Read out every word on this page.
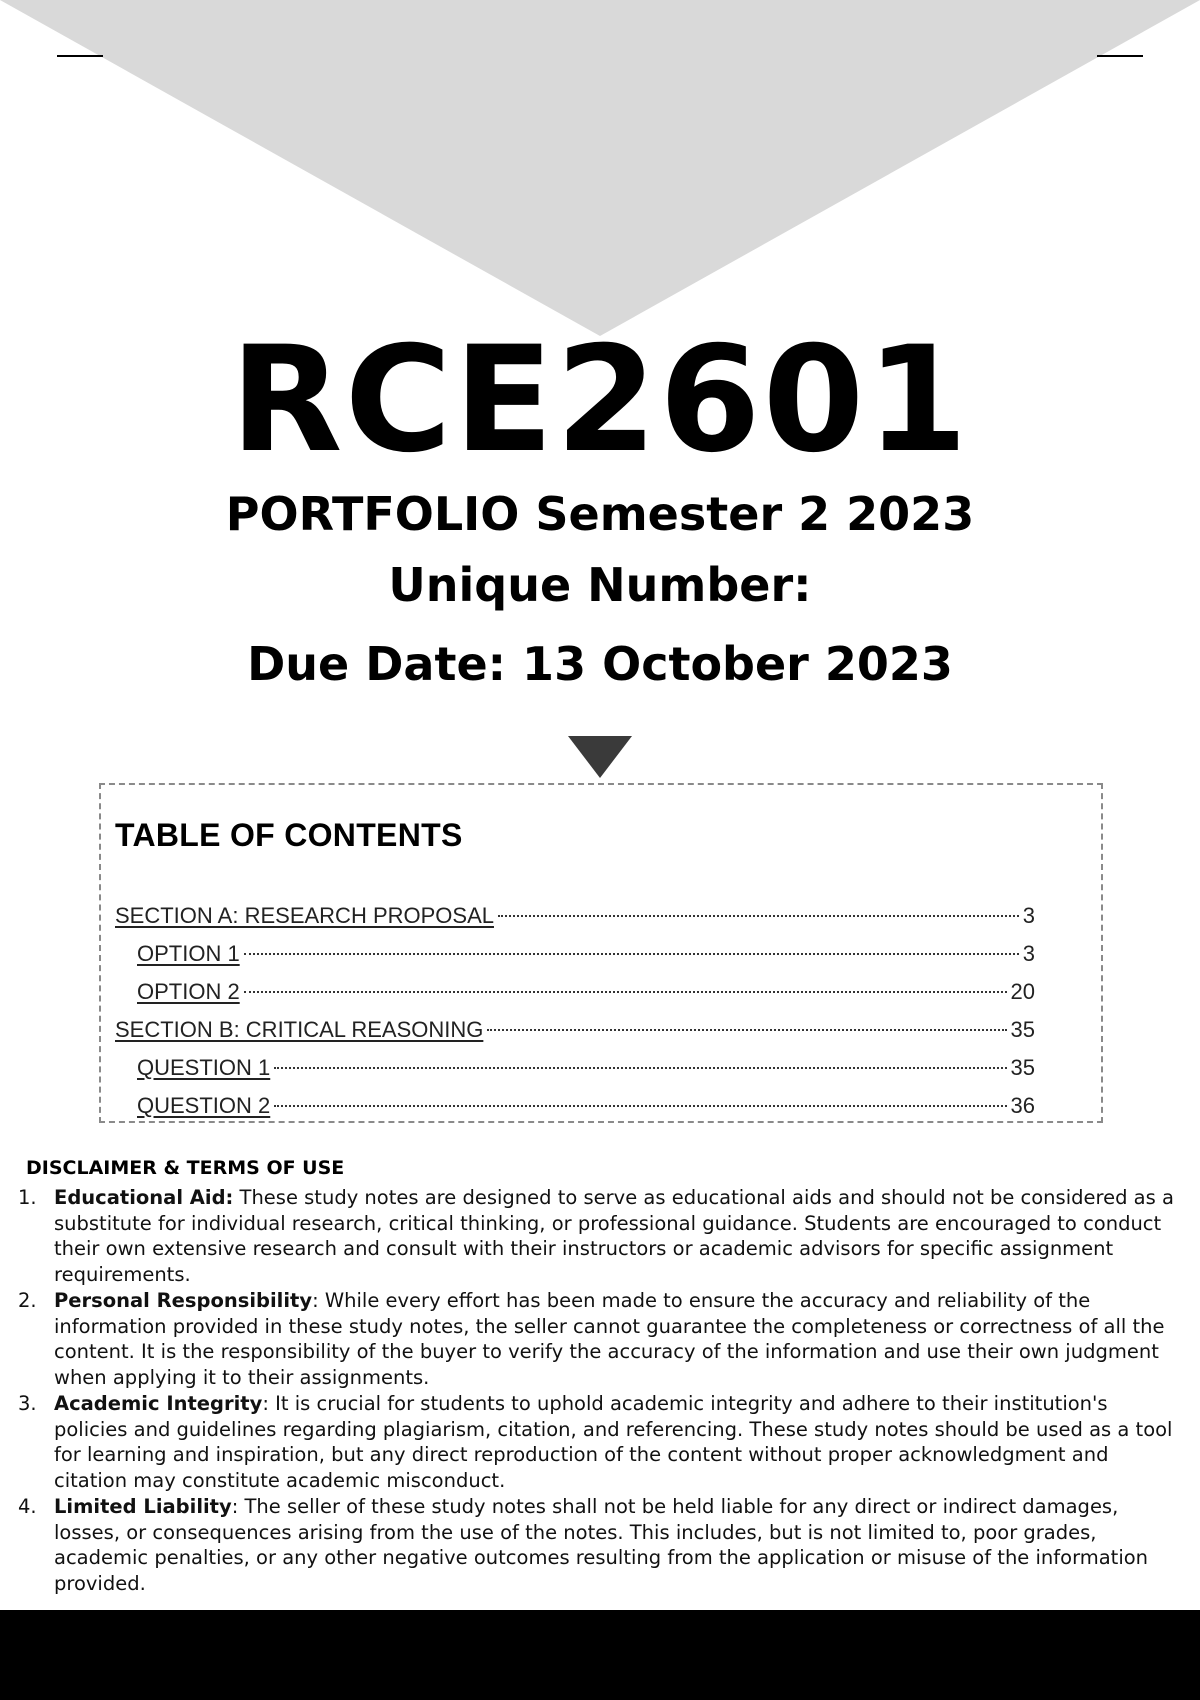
RCE2601
PORTFOLIO Semester 2 2023
Unique Number:
Due Date: 13 October 2023
TABLE OF CONTENTS
SECTION A: RESEARCH PROPOSAL	3
OPTION 1	3
OPTION 2	20
SECTION B: CRITICAL REASONING	35
QUESTION 1	35
QUESTION 2	36
DISCLAIMER & TERMS OF USE
1. Educational Aid: These study notes are designed to serve as educational aids and should not be considered as a substitute for individual research, critical thinking, or professional guidance. Students are encouraged to conduct their own extensive research and consult with their instructors or academic advisors for specific assignment requirements.
2. Personal Responsibility: While every effort has been made to ensure the accuracy and reliability of the information provided in these study notes, the seller cannot guarantee the completeness or correctness of all the content. It is the responsibility of the buyer to verify the accuracy of the information and use their own judgment when applying it to their assignments.
3. Academic Integrity: It is crucial for students to uphold academic integrity and adhere to their institution's policies and guidelines regarding plagiarism, citation, and referencing. These study notes should be used as a tool for learning and inspiration, but any direct reproduction of the content without proper acknowledgment and citation may constitute academic misconduct.
4. Limited Liability: The seller of these study notes shall not be held liable for any direct or indirect damages, losses, or consequences arising from the use of the notes. This includes, but is not limited to, poor grades, academic penalties, or any other negative outcomes resulting from the application or misuse of the information provided.
